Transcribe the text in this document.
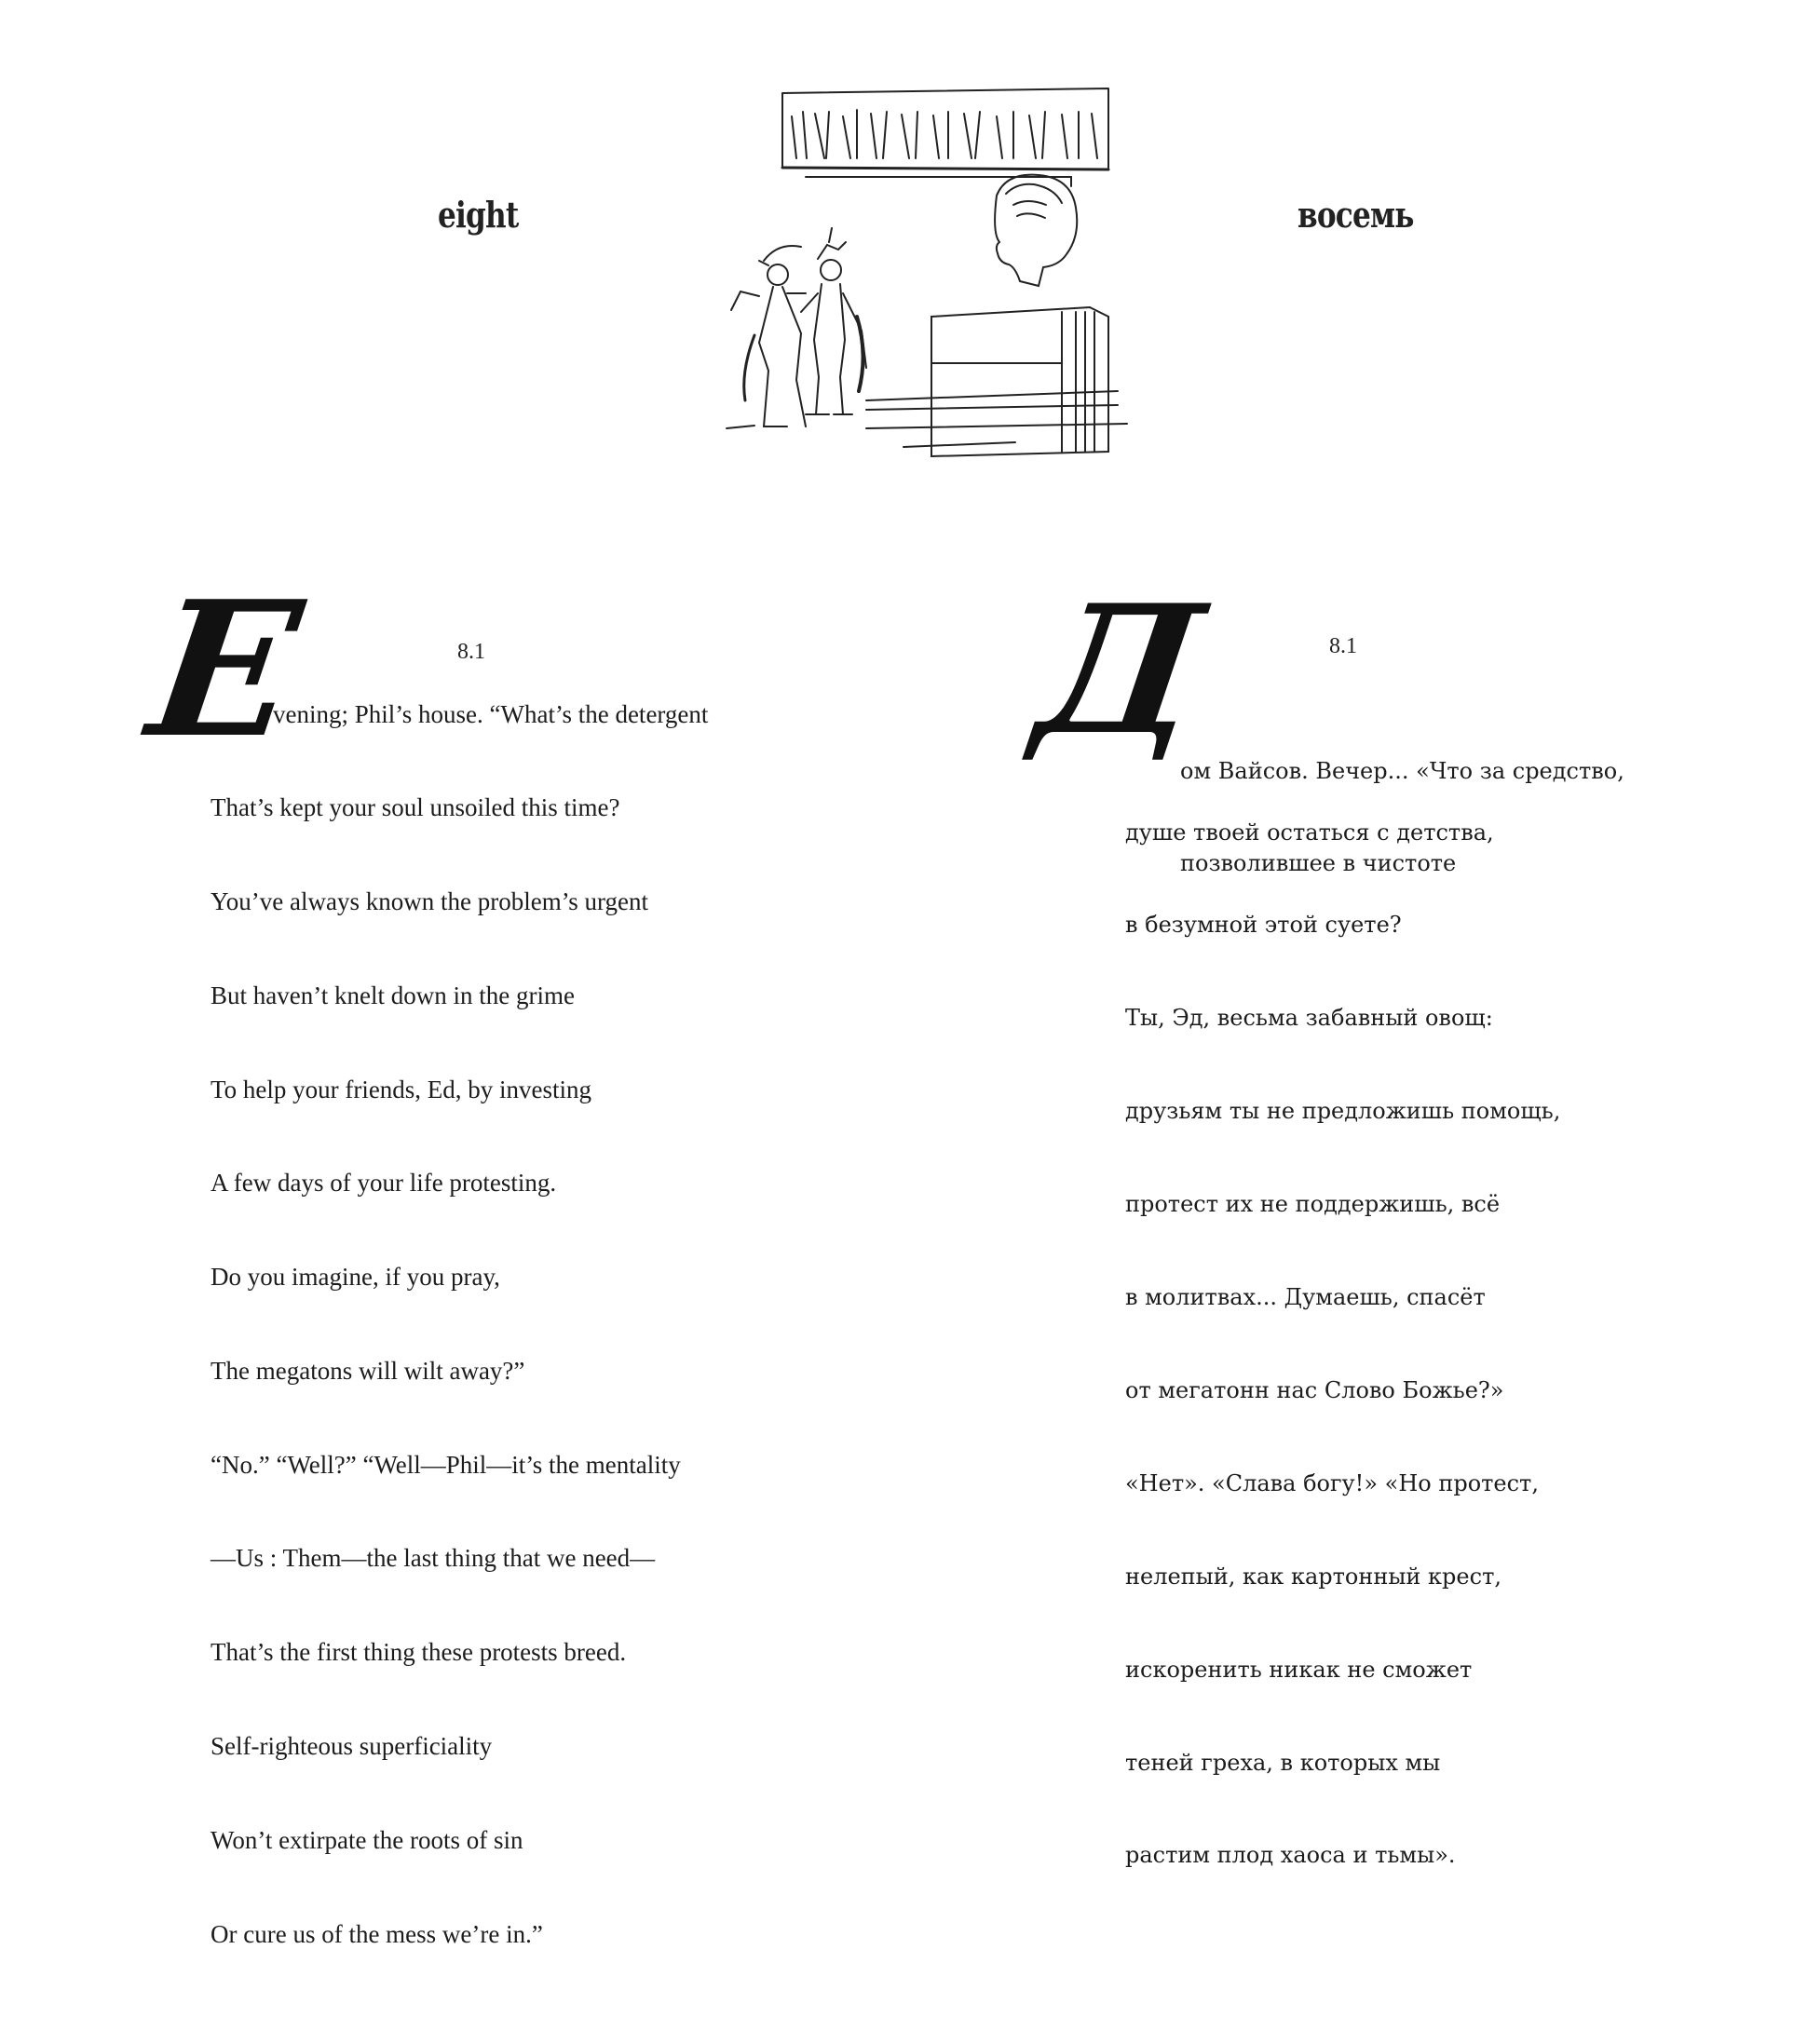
eight	восемь
8.1	8.1
E	Д
vening; Phil’s house. “What’s the detergent

That’s kept your soul unsoiled this time?

You’ve always known the problem’s urgent

But haven’t knelt down in the grime

To help your friends, Ed, by investing

A few days of your life protesting.

Do you imagine, if you pray,

The megatons will wilt away?”

“No.” “Well?” “Well—Phil—it’s the mentality

—Us : Them—the last thing that we need—

That’s the first thing these protests breed.

Self-righteous superficiality

Won’t extirpate the roots of sin

Or cure us of the mess we’re in.”

ом Вайсов. Вечер... «Что за средство,

позволившее в чистоте

душе твоей остаться с детства,

в безумной этой суете?

Ты, Эд, весьма забавный овощ:

друзьям ты не предложишь помощь,

протест их не поддержишь, всё

в молитвах... Думаешь, спасёт

от мегатонн нас Слово Божье?»

«Нет». «Слава богу!» «Но протест,

нелепый, как картонный крест,

искоренить никак не сможет

теней греха, в которых мы

растим плод хаоса и тьмы».
